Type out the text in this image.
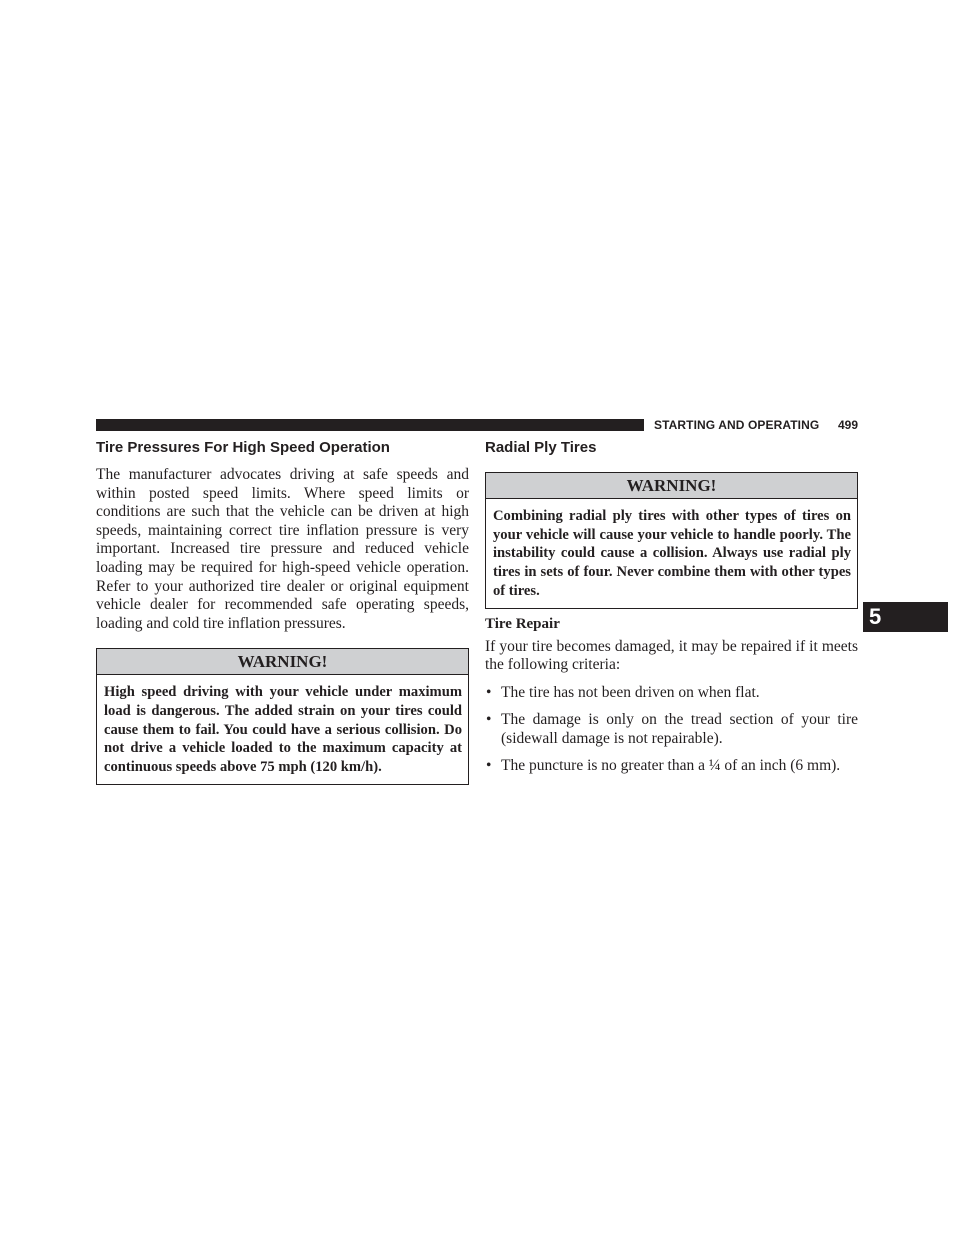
STARTING AND OPERATING 499
5
Tire Pressures For High Speed Operation

The manufacturer advocates driving at safe speeds and within posted speed limits. Where speed limits or conditions are such that the vehicle can be driven at high speeds, maintaining correct tire inflation pressure is very important. Increased tire pressure and reduced vehicle loading may be required for high-speed vehicle operation. Refer to your authorized tire dealer or original equipment vehicle dealer for recommended safe operating speeds, loading and cold tire inflation pressures.

WARNING!

High speed driving with your vehicle under maximum load is dangerous. The added strain on your tires could cause them to fail. You could have a serious collision. Do not drive a vehicle loaded to the maximum capacity at continuous speeds above 75 mph (120 km/h).

Radial Ply Tires
WARNING!

Combining radial ply tires with other types of tires on your vehicle will cause your vehicle to handle poorly. The instability could cause a collision. Always use radial ply tires in sets of four. Never combine them with other types of tires.

Tire Repair

If your tire becomes damaged, it may be repaired if it meets the following criteria:

• The tire has not been driven on when flat.
• The damage is only on the tread section of your tire (sidewall damage is not repairable).
• The puncture is no greater than a ¼ of an inch (6 mm).
